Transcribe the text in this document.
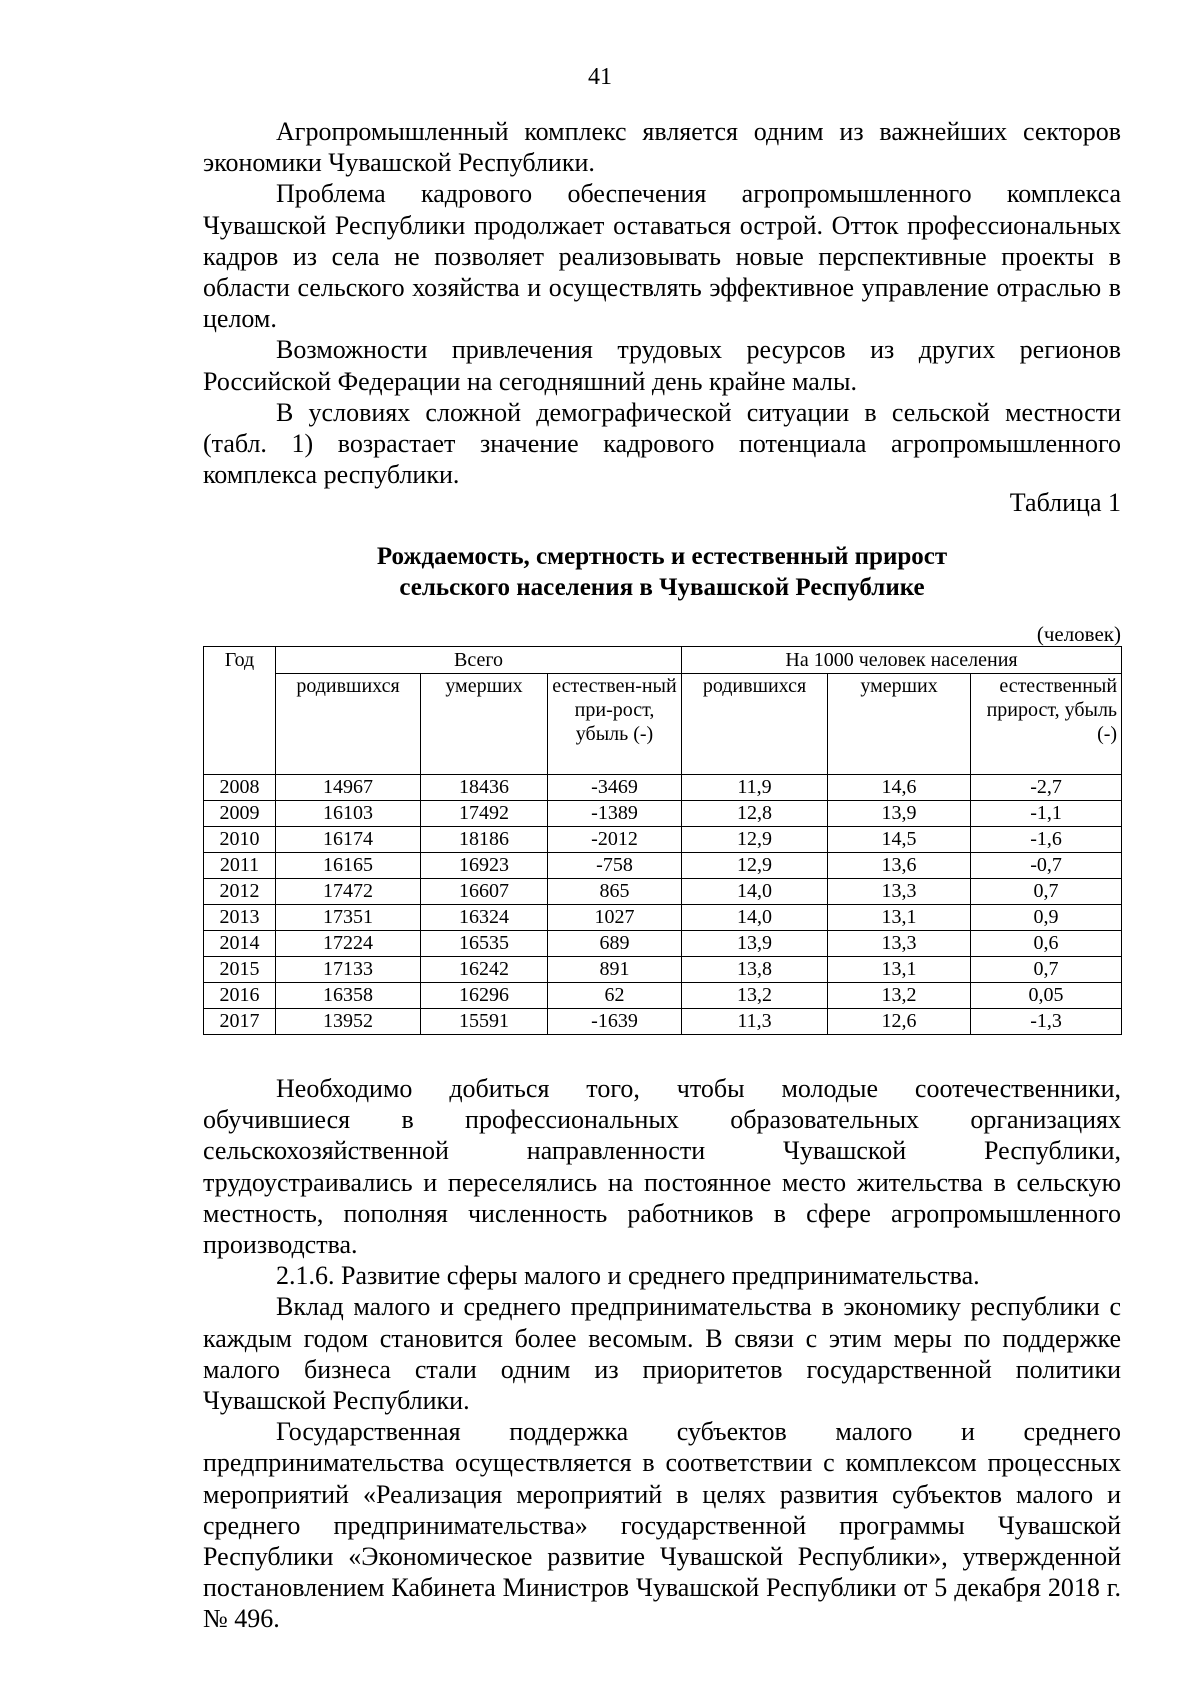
41

Агропромышленный комплекс является одним из важнейших секторов экономики Чувашской Республики.

Проблема кадрового обеспечения агропромышленного комплекса Чувашской Республики продолжает оставаться острой. Отток профессиональных кадров из села не позволяет реализовывать новые перспективные проекты в области сельского хозяйства и осуществлять эффективное управление отраслью в целом.

Возможности привлечения трудовых ресурсов из других регионов Российской Федерации на сегодняшний день крайне малы.

В условиях сложной демографической ситуации в сельской местности (табл. 1) возрастает значение кадрового потенциала агропромышленного комплекса республики.

Таблица 1
Рождаемость, смертность и естественный прирост
сельского населения в Чувашской Республике
(человек)
Год	Всего			На 1000 человек населения		
	родившихся	умерших	естествен-ный при-рост, убыль (-)	родившихся	умерших	естественный прирост, убыль (-)
2008	14967	18436	-3469	11,9	14,6	-2,7
2009	16103	17492	-1389	12,8	13,9	-1,1
2010	16174	18186	-2012	12,9	14,5	-1,6
2011	16165	16923	-758	12,9	13,6	-0,7
2012	17472	16607	865	14,0	13,3	0,7
2013	17351	16324	1027	14,0	13,1	0,9
2014	17224	16535	689	13,9	13,3	0,6
2015	17133	16242	891	13,8	13,1	0,7
2016	16358	16296	62	13,2	13,2	0,05
2017	13952	15591	-1639	11,3	12,6	-1,3

Необходимо добиться того, чтобы молодые соотечественники, обучившиеся в профессиональных образовательных организациях сельскохозяйственной направленности Чувашской Республики, трудоустраивались и переселялись на постоянное место жительства в сельскую местность, пополняя численность работников в сфере агропромышленного производства.

2.1.6. Развитие сферы малого и среднего предпринимательства.

Вклад малого и среднего предпринимательства в экономику республики с каждым годом становится более весомым. В связи с этим меры по поддержке малого бизнеса стали одним из приоритетов государственной политики Чувашской Республики.

Государственная поддержка субъектов малого и среднего предпринимательства осуществляется в соответствии с комплексом процессных мероприятий «Реализация мероприятий в целях развития субъектов малого и среднего предпринимательства» государственной программы Чувашской Республики «Экономическое развитие Чувашской Республики», утвержденной постановлением Кабинета Министров Чувашской Республики от 5 декабря 2018 г. № 496.
